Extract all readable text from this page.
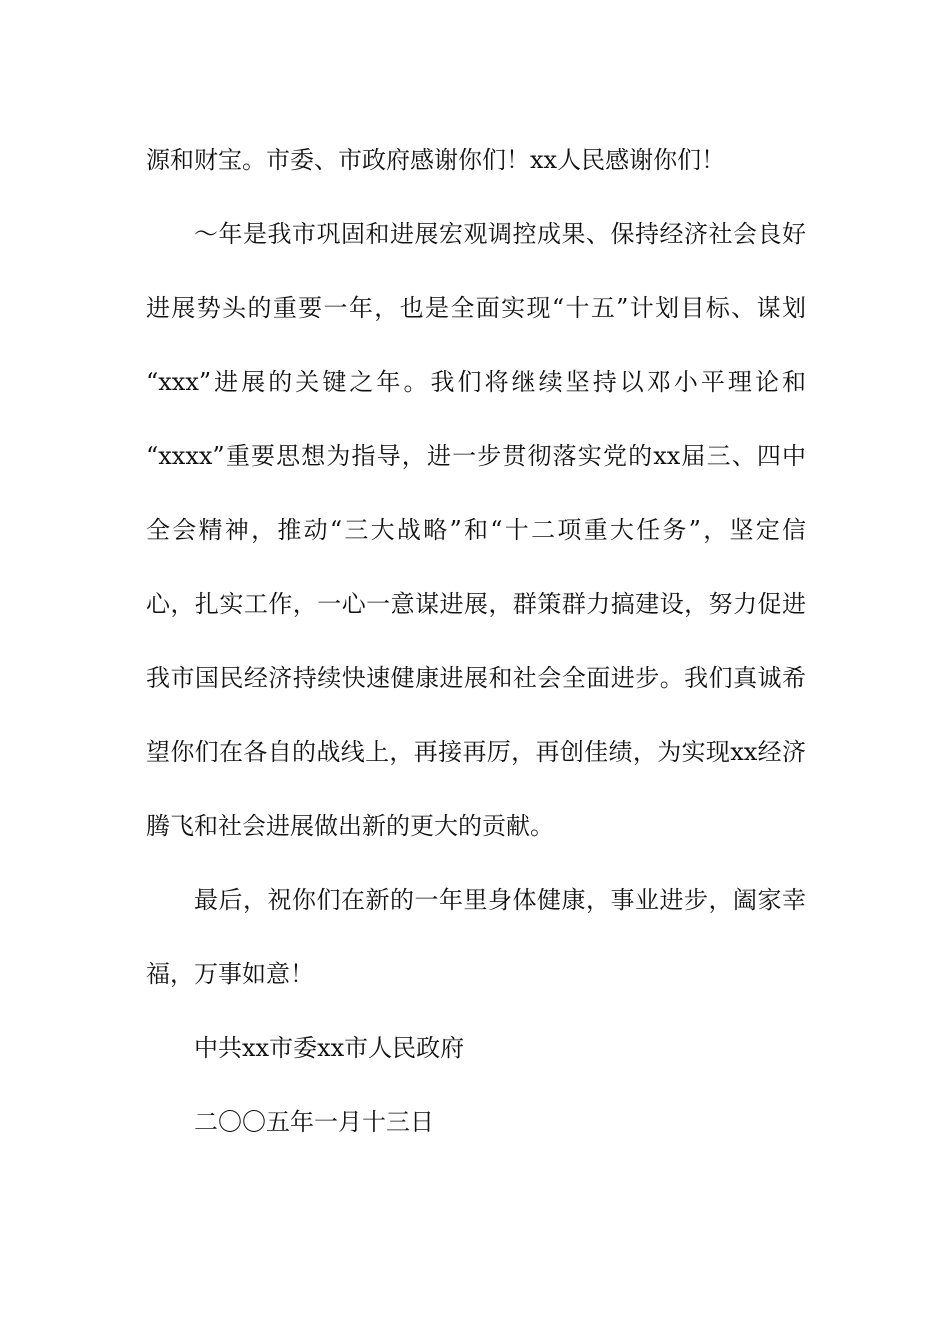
源和财宝。市委、市政府感谢你们！xx人民感谢你们！

～年是我市巩固和进展宏观调控成果、保持经济社会良好
进展势头的重要一年，也是全面实现“十五”计划目标、谋划
“xxx”进展的关键之年。我们将继续坚持以邓小平理论和
“xxxx”重要思想为指导，进一步贯彻落实党的xx届三、四中
全会精神，推动“三大战略”和“十二项重大任务”，坚定信
心，扎实工作，一心一意谋进展，群策群力搞建设，努力促进
我市国民经济持续快速健康进展和社会全面进步。我们真诚希
望你们在各自的战线上，再接再厉，再创佳绩，为实现xx经济
腾飞和社会进展做出新的更大的贡献。

最后，祝你们在新的一年里身体健康，事业进步，阖家幸
福，万事如意！

中共xx市委xx市人民政府

二〇〇五年一月十三日
